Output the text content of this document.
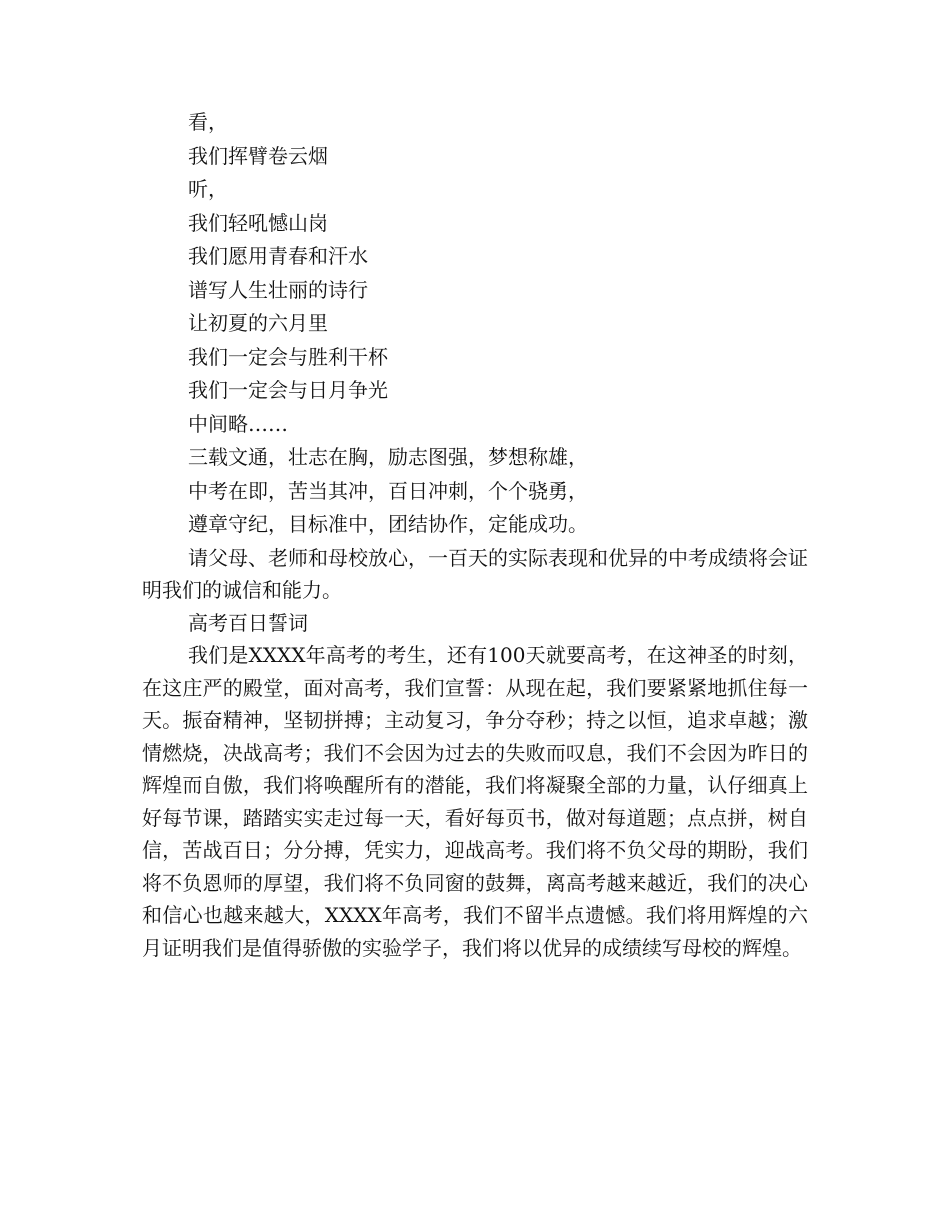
看，
我们挥臂卷云烟
听，
我们轻吼憾山岗
我们愿用青春和汗水
谱写人生壮丽的诗行
让初夏的六月里
我们一定会与胜利干杯
我们一定会与日月争光
中间略……
三载文通，壮志在胸，励志图强，梦想称雄，
中考在即，苦当其冲，百日冲刺，个个骁勇，
遵章守纪，目标准中，团结协作，定能成功。

请父母、老师和母校放心，一百天的实际表现和优异的中考成绩将会证明我们的诚信和能力。

高考百日誓词

我们是XXXX年高考的考生，还有100天就要高考，在这神圣的时刻，在这庄严的殿堂，面对高考，我们宣誓：从现在起，我们要紧紧地抓住每一天。振奋精神，坚韧拼搏；主动复习，争分夺秒；持之以恒，追求卓越；激情燃烧，决战高考；我们不会因为过去的失败而叹息，我们不会因为昨日的辉煌而自傲，我们将唤醒所有的潜能，我们将凝聚全部的力量，认仔细真上好每节课，踏踏实实走过每一天，看好每页书，做对每道题；点点拼，树自信，苦战百日；分分搏，凭实力，迎战高考。我们将不负父母的期盼，我们将不负恩师的厚望，我们将不负同窗的鼓舞，离高考越来越近，我们的决心和信心也越来越大，XXXX年高考，我们不留半点遗憾。我们将用辉煌的六月证明我们是值得骄傲的实验学子，我们将以优异的成绩续写母校的辉煌。
